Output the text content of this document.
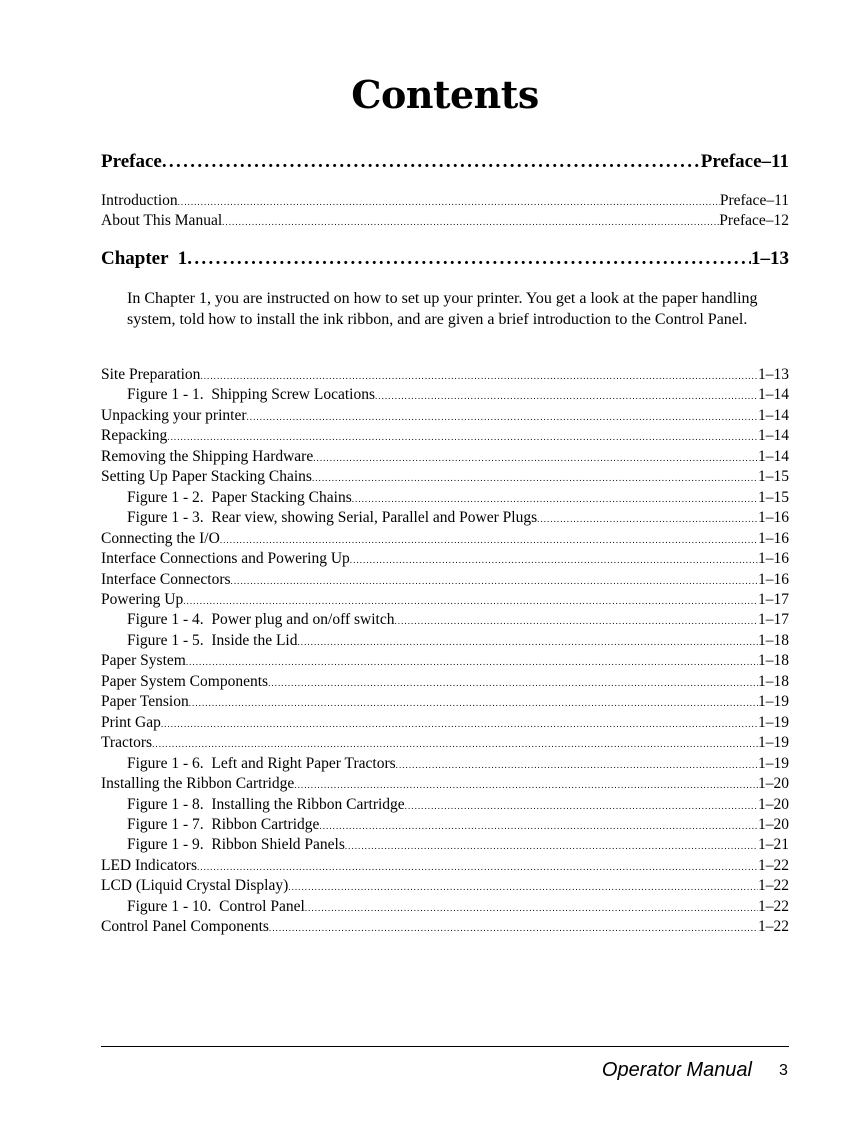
Contents
Preface . . .	Preface–11
Introduction . . .	Preface–11
About This Manual . . .	Preface–12
Chapter  1 . . .	1–13
In Chapter 1, you are instructed on how to set up your printer. You get a look at the paper handling system, told how to install the ink ribbon, and are given a brief introduction to the Control Panel.
Site Preparation . . .	1–13
Figure 1 - 1.  Shipping Screw Locations . . .	1–14
Unpacking your printer . . .	1–14
Repacking . . .	1–14
Removing the Shipping Hardware . . .	1–14
Setting Up Paper Stacking Chains . . .	1–15
Figure 1 - 2.  Paper Stacking Chains . . .	1–15
Figure 1 - 3.  Rear view, showing Serial, Parallel and Power Plugs . . .	1–16
Connecting the I/O . . .	1–16
Interface Connections and Powering Up . . .	1–16
Interface Connectors . . .	1–16
Powering Up . . .	1–17
Figure 1 - 4.  Power plug and on/off switch . . .	1–17
Figure 1 - 5.  Inside the Lid . . .	1–18
Paper System . . .	1–18
Paper System Components . . .	1–18
Paper Tension . . .	1–19
Print Gap . . .	1–19
Tractors . . .	1–19
Figure 1 - 6.  Left and Right Paper Tractors . . .	1–19
Installing the Ribbon Cartridge . . .	1–20
Figure 1 - 8.  Installing the Ribbon Cartridge . . .	1–20
Figure 1 - 7.  Ribbon Cartridge . . .	1–20
Figure 1 - 9.  Ribbon Shield Panels . . .	1–21
LED Indicators . . .	1–22
LCD (Liquid Crystal Display) . . .	1–22
Figure 1 - 10.  Control Panel . . .	1–22
Control Panel Components . . .	1–22
Operator Manual 3
